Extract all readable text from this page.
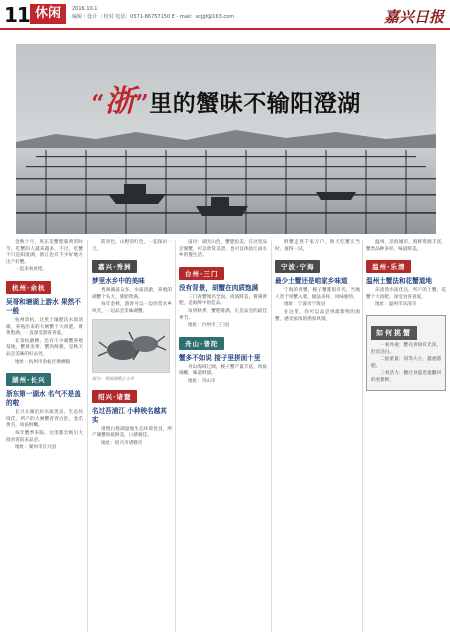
11 休闲	2016.10.1
编辑｜设计 ｜校对 电话：0571-86757150 E - mail：scjgf@163.com	嘉兴日报
“浙”里的蟹味不输阳澄湖

金秋十月，风正是蟹肥菊黄的时节。吃蟹的人越来越多，不过，吃蟹不只是阳澄湖，浙江也有不少好地方出产好蟹。

一起来看看吧。

杭州·余杭
吴哥和塘湖上游水 果然不一般

杭州余杭，这里土壤肥沃水质清澈，养殖出来的大闸蟹个大肉肥，膏黄饱满，一直深受游客喜爱。

在余杭塘栖，还有不少湖蟹养殖基地，蟹黄金黄、蟹肉鲜甜，是秋天品尝美味的好去处。

地址：杭州市余杭区塘栖镇

湖州·长兴
浙东第一湖水 名气不是盖的啦

长兴太湖沿岸水质优良，生态环境佳，所产的大闸蟹青背白肚，金爪黄毛，肉质鲜嫩。

每年蟹季来临，这里都会吸引大批食客前来品尝。

地址：湖州市长兴县

防青色，山野的红色，一起探访一天。

嘉兴·秀洲
梦里水乡中的美味

秀洲湖荡众多，水质清澈，养殖的湖蟹个头大、膏肥黄满。

每年金秋，游客可以一边欣赏水乡风光，一边品尝美味湖蟹。

图为：秀洲湖蟹正当季
绍兴·诸暨
名过吾浦江 小种秧名越其实

诸暨白塔湖湿地生态环境优良，所产湖蟹肉质鲜美，口感极佳。

地址：绍兴市诸暨市

南浔：湖光山色，蟹肥鱼美。在这里品尝湖蟹，可以欣赏美景，也可以体验江南水乡的慢生活。

台州·三门
没有背景，胡蟹在肉质饱满

三门青蟹闻名全国，肉质鲜美，膏满黄肥，是海鲜中的佳品。

每到秋季，蟹肥膏满，正是品尝的最佳季节。

地址：台州市三门县

舟山·普陀
蟹多不如说 接子里拼面十里

舟山海域辽阔，梭子蟹产量丰富，肉质细嫩，味道鲜甜。

地址：舟山市

鲜蟹走进千家万户，秋天吃蟹正当时，值得一试。

宁波·宁海
最少土蟹还是咱家乡味道

宁海的青蟹、梭子蟹都很有名，当地人善于用蟹入菜，做法多样，风味独特。

地址：宁波市宁海县

在这里，你可以品尝到最新鲜的海蟹，感受浓浓的渔家风情。

温州，沿海城市，海鲜资源丰富，蟹类品种多样，味道鲜美。

温州·乐清
温州土蟹法和花蟹道地

乐清湾水质优良，所产的土蟹、花蟹个大肉肥，深受食客喜爱。

地址：温州市乐清市

如何挑蟹

一看外观：蟹壳青绿有光泽，肚皮洁白。

二掂重量：同等大小，越重越肥。

三看活力：翻过身能迅速翻回的更新鲜。
